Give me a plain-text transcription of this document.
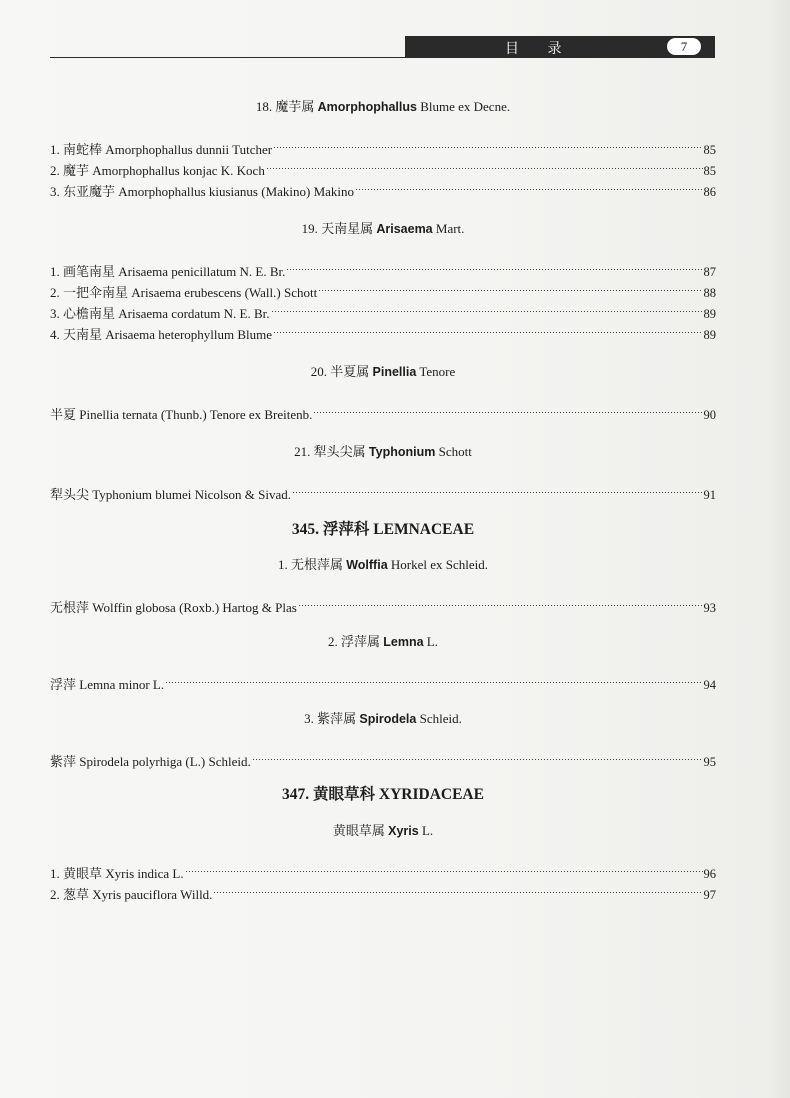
目 录	7
18. 魔芋属 Amorphophallus Blume ex Decne.
1. 南蛇棒 Amorphophallus dunnii Tutcher	85
2. 魔芋 Amorphophallus konjac K. Koch	85
3. 东亚魔芋 Amorphophallus kiusianus (Makino) Makino	86
19. 天南星属 Arisaema Mart.
1. 画笔南星 Arisaema penicillatum N. E. Br.	87
2. 一把伞南星 Arisaema erubescens (Wall.) Schott	88
3. 心檐南星 Arisaema cordatum N. E. Br.	89
4. 天南星 Arisaema heterophyllum Blume	89
20. 半夏属 Pinellia Tenore
半夏 Pinellia ternata (Thunb.) Tenore ex Breitenb.	90
21. 犁头尖属 Typhonium Schott
犁头尖 Typhonium blumei Nicolson & Sivad.	91
345. 浮萍科 LEMNACEAE
1. 无根萍属 Wolffia Horkel ex Schleid.
无根萍 Wolffin globosa (Roxb.) Hartog & Plas	93
2. 浮萍属 Lemna L.
浮萍 Lemna minor L.	94
3. 紫萍属 Spirodela Schleid.
紫萍 Spirodela polyrhiga (L.) Schleid.	95
347. 黄眼草科 XYRIDACEAE
黄眼草属 Xyris L.
1. 黄眼草 Xyris indica L.	96
2. 葱草 Xyris pauciflora Willd.	97
